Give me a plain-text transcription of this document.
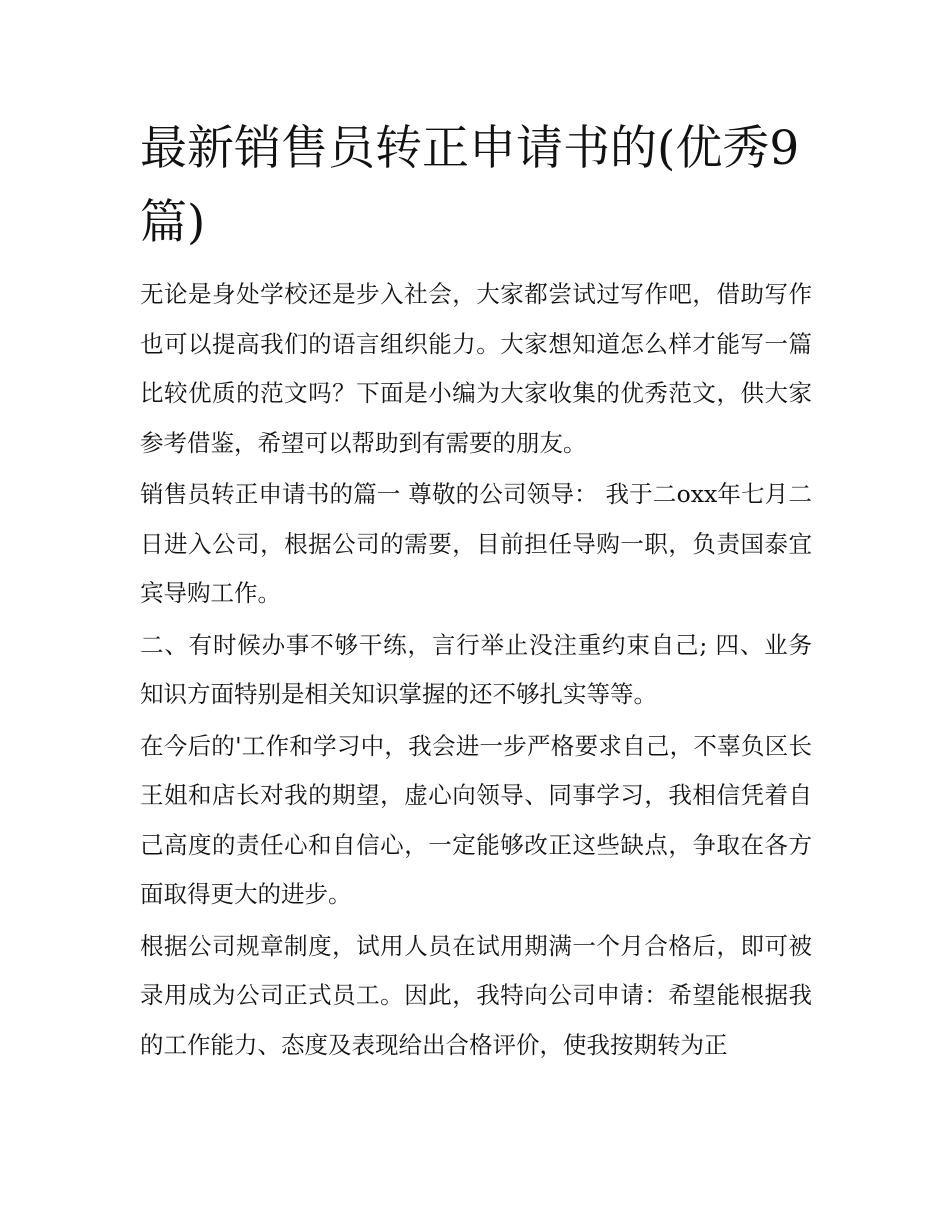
最新销售员转正申请书的(优秀9篇)

无论是身处学校还是步入社会，大家都尝试过写作吧，借助写作也可以提高我们的语言组织能力。大家想知道怎么样才能写一篇比较优质的范文吗？下面是小编为大家收集的优秀范文，供大家参考借鉴，希望可以帮助到有需要的朋友。

销售员转正申请书的篇一 尊敬的公司领导： 我于二oxx年七月二日进入公司，根据公司的需要，目前担任导购一职，负责国泰宜宾导购工作。

二、有时候办事不够干练，言行举止没注重约束自己; 四、业务知识方面特别是相关知识掌握的还不够扎实等等。

在今后的'工作和学习中，我会进一步严格要求自己，不辜负区长王姐和店长对我的期望，虚心向领导、同事学习，我相信凭着自己高度的责任心和自信心，一定能够改正这些缺点，争取在各方面取得更大的进步。

根据公司规章制度，试用人员在试用期满一个月合格后，即可被录用成为公司正式员工。因此，我特向公司申请：希望能根据我的工作能力、态度及表现给出合格评价，使我按期转为正
